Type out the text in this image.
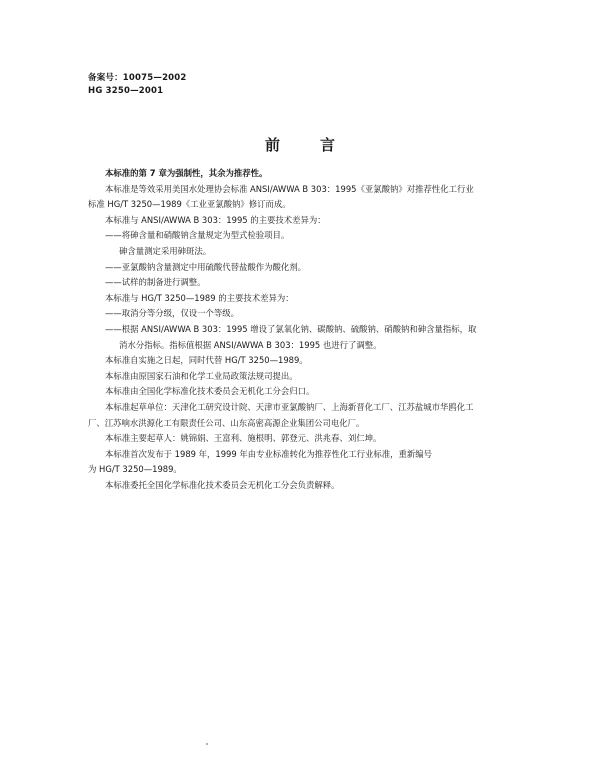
备案号：10075—2002
HG 3250—2001
前言

本标准的第 7 章为强制性，其余为推荐性。

本标准是等效采用美国水处理协会标准 ANSI/AWWA B 303：1995《亚氯酸钠》对推荐性化工行业

标准 HG/T 3250—1989《工业亚氯酸钠》修订而成。

本标准与 ANSI/AWWA B 303：1995 的主要技术差异为：

——将砷含量和硝酸钠含量规定为型式检验项目。

砷含量测定采用砷斑法。

——亚氯酸钠含量测定中用硫酸代替盐酸作为酸化剂。

——试样的制备进行调整。

本标准与 HG/T 3250—1989 的主要技术差异为：

——取消分等分级，仅设一个等级。

——根据 ANSI/AWWA B 303：1995 增设了氯氧化钠、碳酸钠、硫酸钠、硝酸钠和砷含量指标，取

消水分指标。指标值根据 ANSI/AWWA B 303：1995 也进行了调整。

本标准自实施之日起，同时代替 HG/T 3250—1989。

本标准由原国家石油和化学工业局政策法规司提出。

本标准由全国化学标准化技术委员会无机化工分会归口。

本标准起草单位：天津化工研究设计院、天津市亚氯酸钠厂、上海新晋化工厂、江苏盐城市华鸥化工

厂、江苏响水洪源化工有限责任公司、山东高密高源企业集团公司电化厂。

本标准主要起草人：姚锦娟、王富利、施根明、郭登元、洪兆春、刘仁坤。

本标准首次发布于 1989 年，1999 年由专业标准转化为推荐性化工行业标准，重新编号

为 HG/T 3250—1989。

本标准委托全国化学标准化技术委员会无机化工分会负责解释。
